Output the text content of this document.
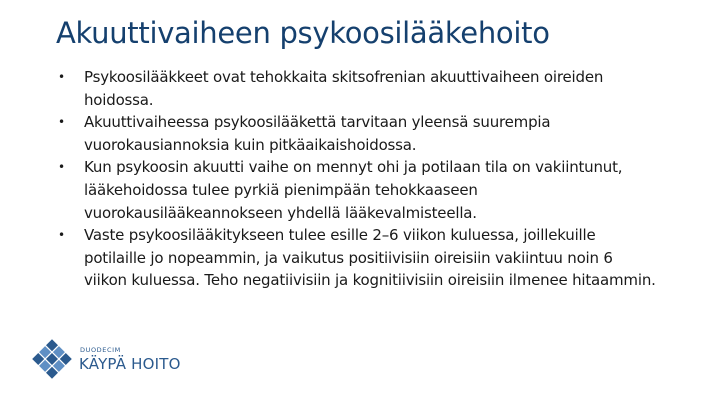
Akuuttivaiheen psykoosilääkehoito
• Psykoosilääkkeet ovat tehokkaita skitsofrenian akuuttivaiheen oireiden hoidossa.
• Akuuttivaiheessa psykoosilääkettä tarvitaan yleensä suurempia vuorokausiannoksia kuin pitkäaikaishoidossa.
• Kun psykoosin akuutti vaihe on mennyt ohi ja potilaan tila on vakiintunut, lääkehoidossa tulee pyrkiä pienimpään tehokkaaseen vuorokausilääkeannokseen yhdellä lääkevalmisteella.
• Vaste psykoosilääkitykseen tulee esille 2–6 viikon kuluessa, joillekuille potilaille jo nopeammin, ja vaikutus positiivisiin oireisiin vakiintuu noin 6 viikon kuluessa. Teho negatiivisiin ja kognitiivisiin oireisiin ilmenee hitaammin.
DUODECIM
KÄYPÄ HOITO
